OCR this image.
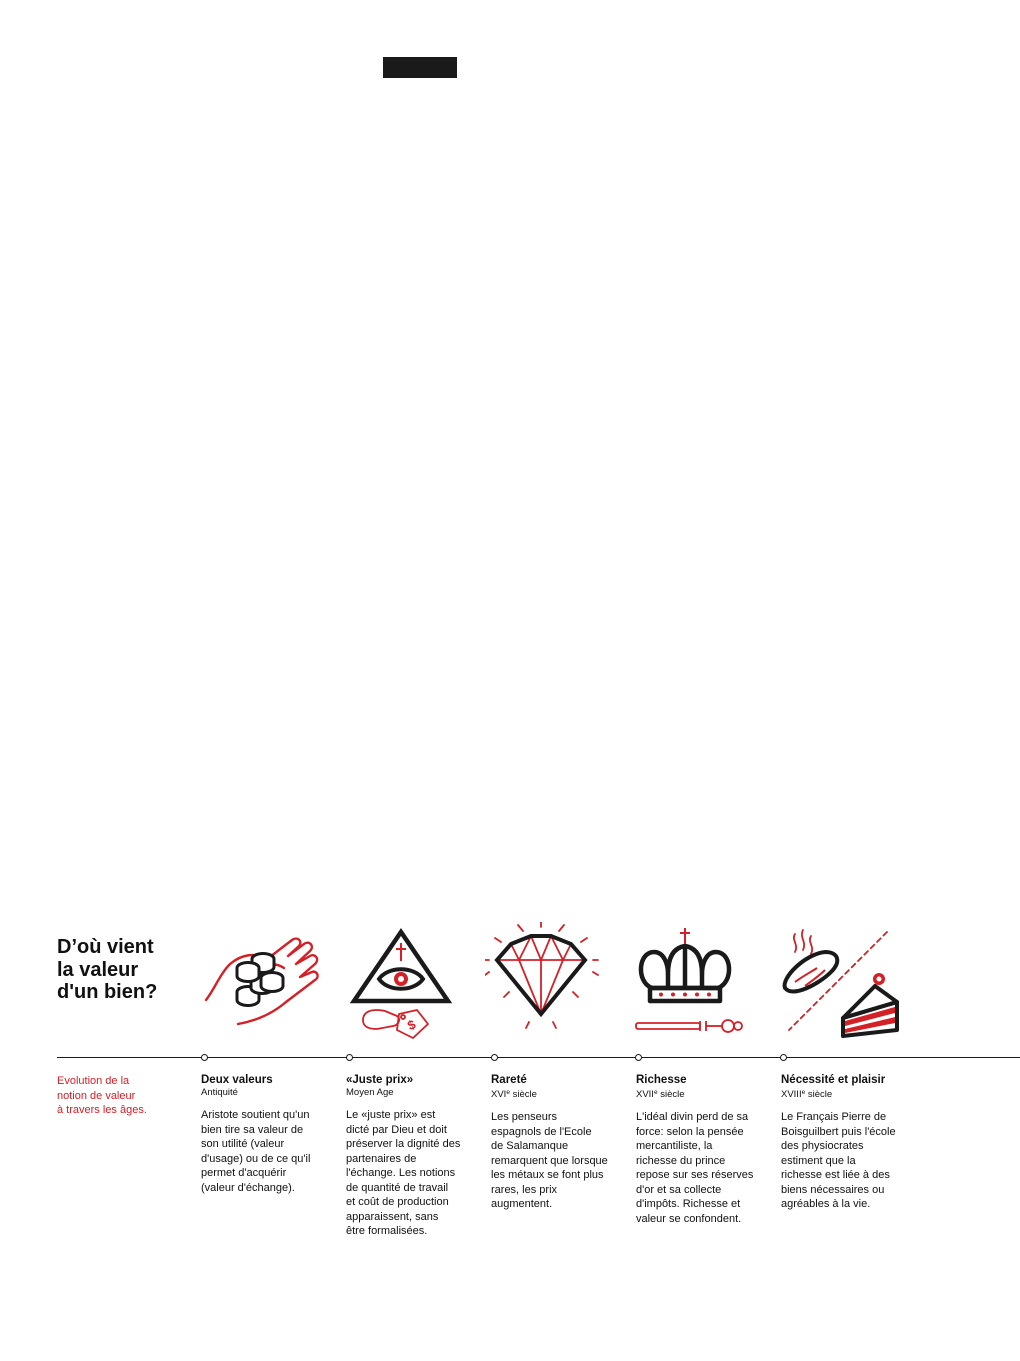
D’où vient
la valeur
d'un bien?
Evolution de la
notion de valeur
à travers les âges.
$
Deux valeurs
Antiquité
Aristote soutient qu'un
bien tire sa valeur de
son utilité (valeur
d'usage) ou de ce qu'il
permet d'acquérir
(valeur d'échange).
«Juste prix»
Moyen Age
Le «juste prix» est
dicté par Dieu et doit
préserver la dignité des
partenaires de
l'échange. Les notions
de quantité de travail
et coût de production
apparaissent, sans
être formalisées.
Rareté
XVIe siècle
Les penseurs
espagnols de l'Ecole
de Salamanque
remarquent que lorsque
les métaux se font plus
rares, les prix
augmentent.
Richesse
XVIIe siècle
L'idéal divin perd de sa
force: selon la pensée
mercantiliste, la
richesse du prince
repose sur ses réserves
d'or et sa collecte
d'impôts. Richesse et
valeur se confondent.
Nécessité et plaisir
XVIIIe siècle
Le Français Pierre de
Boisguilbert puis l'école
des physiocrates
estiment que la
richesse est liée à des
biens nécessaires ou
agréables à la vie.
